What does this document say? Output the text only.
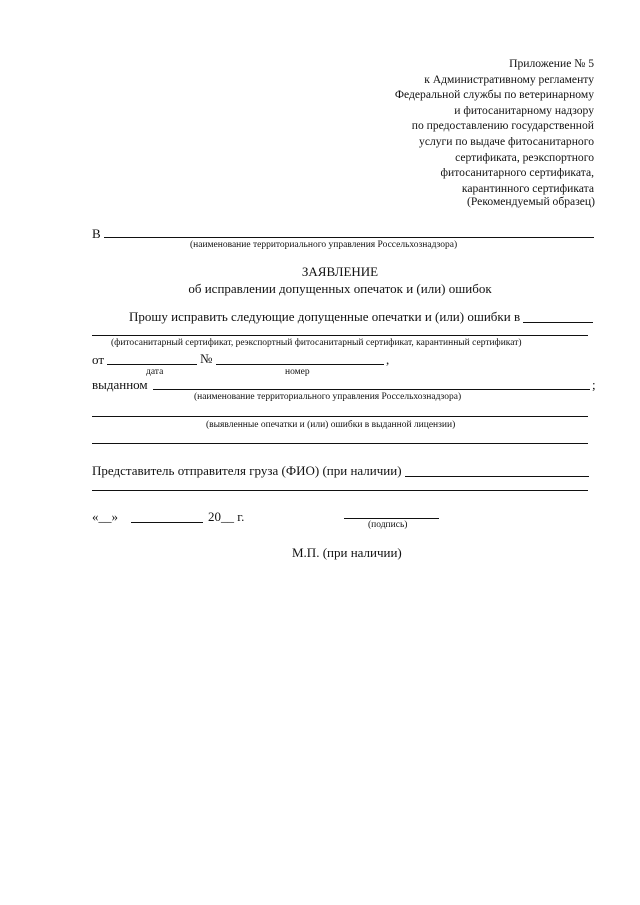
Приложение № 5
к Административному регламенту
Федеральной службы по ветеринарному
и фитосанитарному надзору
по предоставлению государственной
услуги по выдаче фитосанитарного
сертификата, реэкспортного
фитосанитарного сертификата,
карантинного сертификата
(Рекомендуемый образец)
В
(наименование территориального управления Россельхознадзора)
ЗАЯВЛЕНИЕ
об исправлении допущенных опечаток и (или) ошибок
Прошу исправить следующие допущенные опечатки и (или) ошибки в
(фитосанитарный сертификат, реэкспортный фитосанитарный сертификат, карантинный сертификат)
от	№	,
дата	номер
выданном	;
(наименование территориального управления Россельхознадзора)
(выявленные опечатки и (или) ошибки в выданной лицензии)
Представитель отправителя груза (ФИО) (при наличии)
«__»	20__ г.
(подпись)
М.П. (при наличии)
